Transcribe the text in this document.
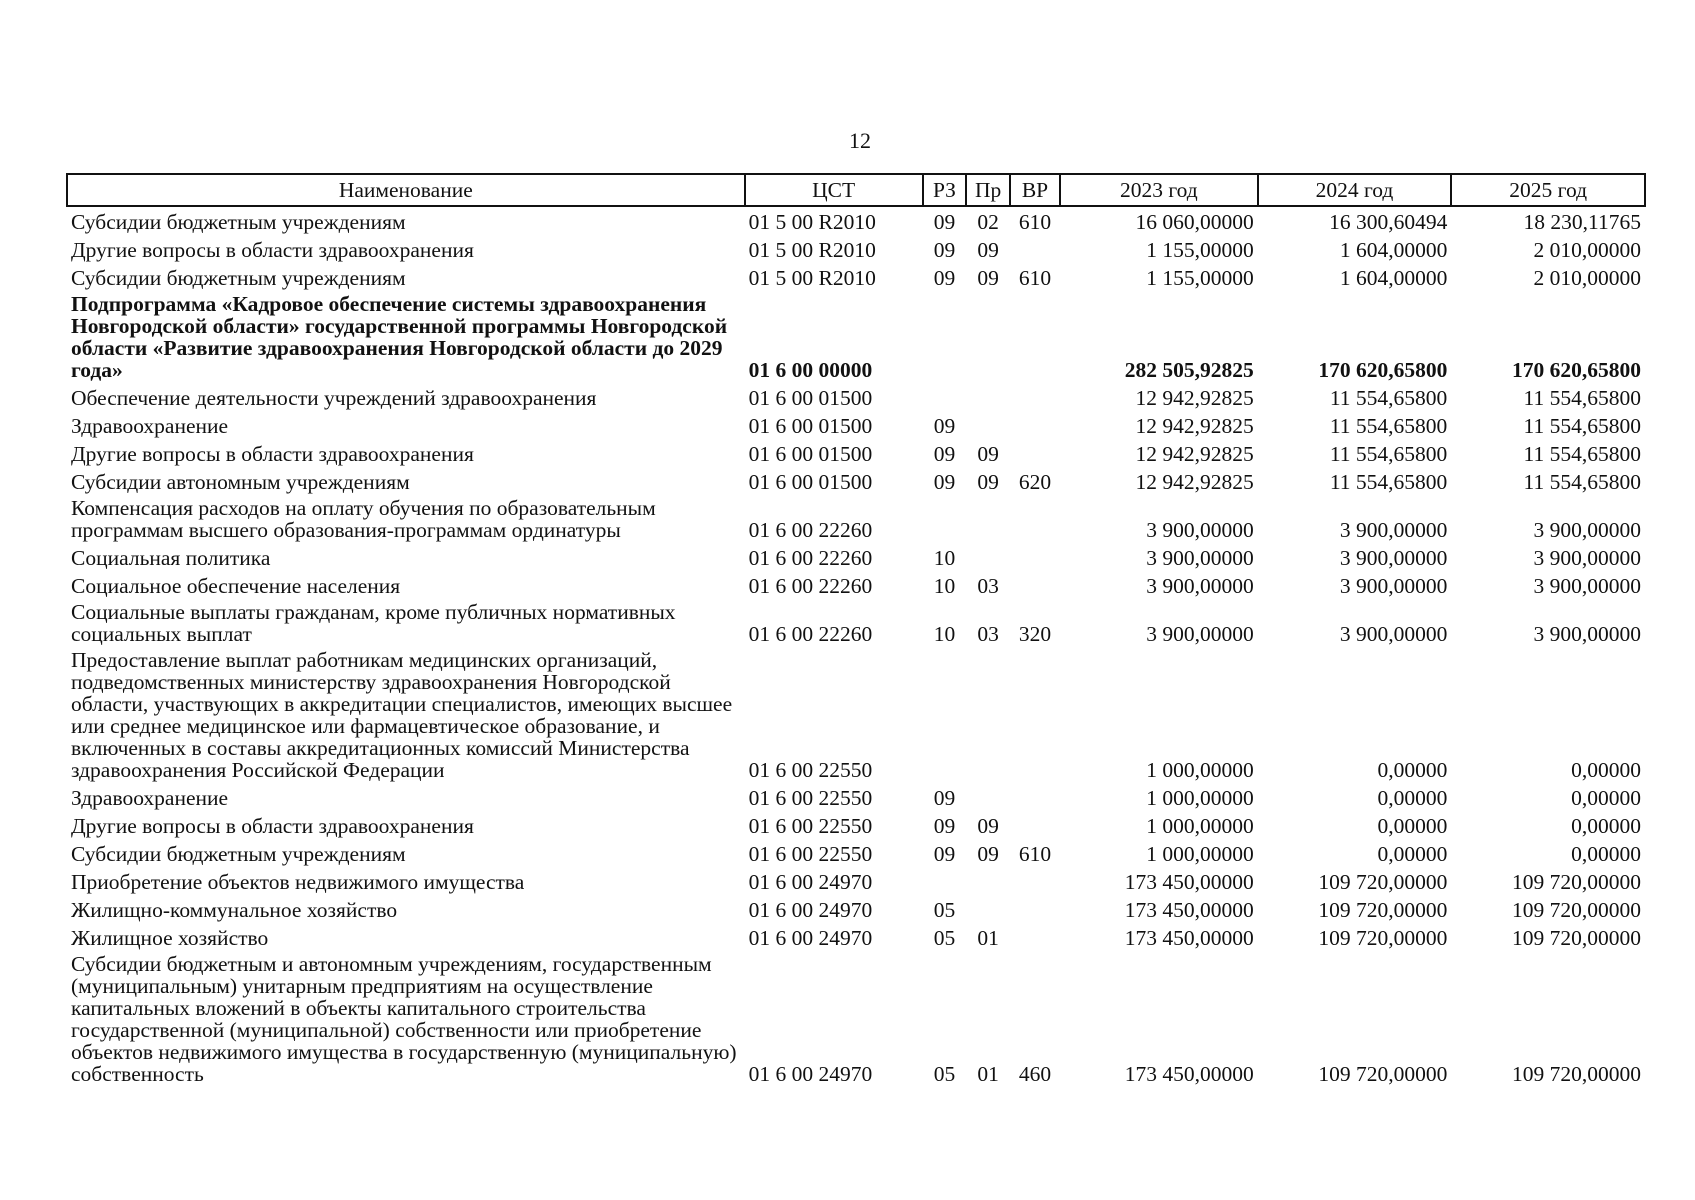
12
Наименование	ЦСТ	РЗ	Пр	ВР	2023 год	2024 год	2025 год
Субсидии бюджетным учреждениям	01 5 00 R2010	09	02	610	16 060,00000	16 300,60494	18 230,11765
Другие вопросы в области здравоохранения	01 5 00 R2010	09	09		1 155,00000	1 604,00000	2 010,00000
Субсидии бюджетным учреждениям	01 5 00 R2010	09	09	610	1 155,00000	1 604,00000	2 010,00000
Подпрограмма «Кадровое обеспечение системы здравоохранения Новгородской области» государственной программы Новгородской области «Развитие здравоохранения Новгородской области до 2029 года»	01 6 00 00000				282 505,92825	170 620,65800	170 620,65800
Обеспечение деятельности учреждений здравоохранения	01 6 00 01500				12 942,92825	11 554,65800	11 554,65800
Здравоохранение	01 6 00 01500	09			12 942,92825	11 554,65800	11 554,65800
Другие вопросы в области здравоохранения	01 6 00 01500	09	09		12 942,92825	11 554,65800	11 554,65800
Субсидии автономным учреждениям	01 6 00 01500	09	09	620	12 942,92825	11 554,65800	11 554,65800
Компенсация расходов на оплату обучения по образовательным программам высшего образования-программам ординатуры	01 6 00 22260				3 900,00000	3 900,00000	3 900,00000
Социальная политика	01 6 00 22260	10			3 900,00000	3 900,00000	3 900,00000
Социальное обеспечение населения	01 6 00 22260	10	03		3 900,00000	3 900,00000	3 900,00000
Социальные выплаты гражданам, кроме публичных нормативных социальных выплат	01 6 00 22260	10	03	320	3 900,00000	3 900,00000	3 900,00000
Предоставление выплат работникам медицинских организаций, подведомственных министерству здравоохранения Новгородской области, участвующих в аккредитации специалистов, имеющих высшее или среднее медицинское или фармацевтическое образование, и включенных в составы аккредитационных комиссий Министерства здравоохранения Российской Федерации	01 6 00 22550				1 000,00000	0,00000	0,00000
Здравоохранение	01 6 00 22550	09			1 000,00000	0,00000	0,00000
Другие вопросы в области здравоохранения	01 6 00 22550	09	09		1 000,00000	0,00000	0,00000
Субсидии бюджетным учреждениям	01 6 00 22550	09	09	610	1 000,00000	0,00000	0,00000
Приобретение объектов недвижимого имущества	01 6 00 24970				173 450,00000	109 720,00000	109 720,00000
Жилищно-коммунальное хозяйство	01 6 00 24970	05			173 450,00000	109 720,00000	109 720,00000
Жилищное хозяйство	01 6 00 24970	05	01		173 450,00000	109 720,00000	109 720,00000
Субсидии бюджетным и автономным учреждениям, государственным (муниципальным) унитарным предприятиям на осуществление капитальных вложений в объекты капитального строительства государственной (муниципальной) собственности или приобретение объектов недвижимого имущества в государственную (муниципальную) собственность	01 6 00 24970	05	01	460	173 450,00000	109 720,00000	109 720,00000
